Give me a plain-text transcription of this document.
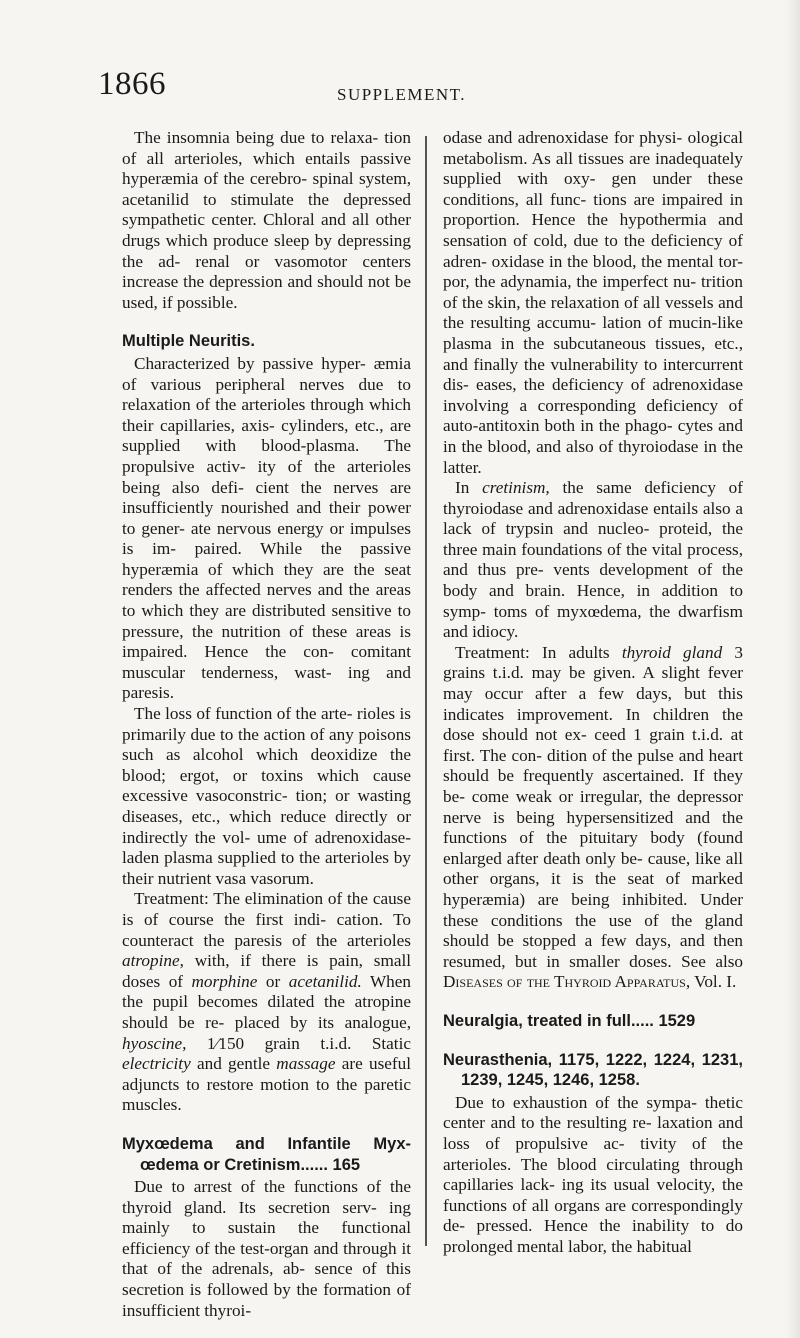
1866	SUPPLEMENT.

The insomnia being due to relaxa- tion of all arterioles, which entails passive hyperæmia of the cerebro- spinal system, acetanilid to stimulate the depressed sympathetic center. Chloral and all other drugs which produce sleep by depressing the ad- renal or vasomotor centers increase the depression and should not be used, if possible.

Multiple Neuritis.

Characterized by passive hyper- æmia of various peripheral nerves due to relaxation of the arterioles through which their capillaries, axis- cylinders, etc., are supplied with blood-plasma. The propulsive activ- ity of the arterioles being also defi- cient the nerves are insufficiently nourished and their power to gener- ate nervous energy or impulses is im- paired. While the passive hyperæmia of which they are the seat renders the affected nerves and the areas to which they are distributed sensitive to pressure, the nutrition of these areas is impaired. Hence the con- comitant muscular tenderness, wast- ing and paresis.

The loss of function of the arte- rioles is primarily due to the action of any poisons such as alcohol which deoxidize the blood; ergot, or toxins which cause excessive vasoconstric- tion; or wasting diseases, etc., which reduce directly or indirectly the vol- ume of adrenoxidase-laden plasma supplied to the arterioles by their nutrient vasa vasorum.

Treatment: The elimination of the cause is of course the first indi- cation. To counteract the paresis of the arterioles atropine, with, if there is pain, small doses of morphine or acetanilid. When the pupil becomes dilated the atropine should be re- placed by its analogue, hyoscine, 1⁄150 grain t.i.d. Static electricity and gentle massage are useful adjuncts to restore motion to the paretic muscles.

Myxœdema and Infantile Myx- œdema or Cretinism...... 165

Due to arrest of the functions of the thyroid gland. Its secretion serv- ing mainly to sustain the functional efficiency of the test-organ and through it that of the adrenals, ab- sence of this secretion is followed by the formation of insufficient thyroi-

odase and adrenoxidase for physi- ological metabolism. As all tissues are inadequately supplied with oxy- gen under these conditions, all func- tions are impaired in proportion. Hence the hypothermia and sensation of cold, due to the deficiency of adren- oxidase in the blood, the mental tor- por, the adynamia, the imperfect nu- trition of the skin, the relaxation of all vessels and the resulting accumu- lation of mucin-like plasma in the subcutaneous tissues, etc., and finally the vulnerability to intercurrent dis- eases, the deficiency of adrenoxidase involving a corresponding deficiency of auto-antitoxin both in the phago- cytes and in the blood, and also of thyroiodase in the latter.

In cretinism, the same deficiency of thyroiodase and adrenoxidase entails also a lack of trypsin and nucleo- proteid, the three main foundations of the vital process, and thus pre- vents development of the body and brain. Hence, in addition to symp- toms of myxœdema, the dwarfism and idiocy.

Treatment: In adults thyroid gland 3 grains t.i.d. may be given. A slight fever may occur after a few days, but this indicates improvement. In children the dose should not ex- ceed 1 grain t.i.d. at first. The con- dition of the pulse and heart should be frequently ascertained. If they be- come weak or irregular, the depressor nerve is being hypersensitized and the functions of the pituitary body (found enlarged after death only be- cause, like all other organs, it is the seat of marked hyperæmia) are being inhibited. Under these conditions the use of the gland should be stopped a few days, and then resumed, but in smaller doses. See also Diseases of the Thyroid Apparatus, Vol. I.

Neuralgia, treated in full..... 1529
Neurasthenia, 1175, 1222, 1224, 1231, 1239, 1245, 1246, 1258.

Due to exhaustion of the sympa- thetic center and to the resulting re- laxation and loss of propulsive ac- tivity of the arterioles. The blood circulating through capillaries lack- ing its usual velocity, the functions of all organs are correspondingly de- pressed. Hence the inability to do prolonged mental labor, the habitual
